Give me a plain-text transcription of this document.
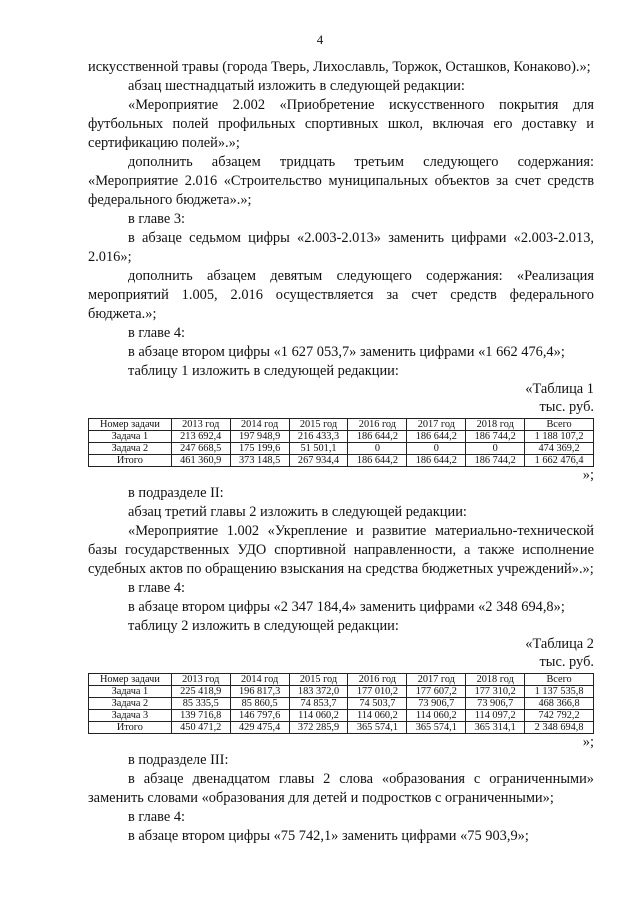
4

искусственной травы (города Тверь, Лихославль, Торжок, Осташков, Конаково).»;

абзац шестнадцатый изложить в следующей редакции:

«Мероприятие 2.002 «Приобретение искусственного покрытия для футбольных полей профильных спортивных школ, включая его доставку и сертификацию полей».»;

дополнить абзацем тридцать третьим следующего содержания: «Мероприятие 2.016 «Строительство муниципальных объектов за счет средств федерального бюджета».»;

в главе 3:

в абзаце седьмом цифры «2.003-2.013» заменить цифрами «2.003-2.013, 2.016»;

дополнить абзацем девятым следующего содержания: «Реализация мероприятий 1.005, 2.016 осуществляется за счет средств федерального бюджета.»;

в главе 4:

в абзаце втором цифры «1 627 053,7» заменить цифрами «1 662 476,4»;

таблицу 1 изложить в следующей редакции:

«Таблица 1

тыс. руб.

Номер задачи	2013 год	2014 год	2015 год	2016 год	2017 год	2018 год	Всего
Задача 1	213 692,4	197 948,9	216 433,3	186 644,2	186 644,2	186 744,2	1 188 107,2
Задача 2	247 668,5	175 199,6	51 501,1	0	0	0	474 369,2
Итого	461 360,9	373 148,5	267 934,4	186 644,2	186 644,2	186 744,2	1 662 476,4

»;

в подразделе II:

абзац третий главы 2 изложить в следующей редакции:

«Мероприятие 1.002 «Укрепление и развитие материально-технической базы государственных УДО спортивной направленности, а также исполнение судебных актов по обращению взыскания на средства бюджетных учреждений».»;

в главе 4:

в абзаце втором цифры «2 347 184,4» заменить цифрами «2 348 694,8»;

таблицу 2 изложить в следующей редакции:

«Таблица 2

тыс. руб.

Номер задачи	2013 год	2014 год	2015 год	2016 год	2017 год	2018 год	Всего
Задача 1	225 418,9	196 817,3	183 372,0	177 010,2	177 607,2	177 310,2	1 137 535,8
Задача 2	85 335,5	85 860,5	74 853,7	74 503,7	73 906,7	73 906,7	468 366,8
Задача 3	139 716,8	146 797,6	114 060,2	114 060,2	114 060,2	114 097,2	742 792,2
Итого	450 471,2	429 475,4	372 285,9	365 574,1	365 574,1	365 314,1	2 348 694,8

»;

в подразделе III:

в абзаце двенадцатом главы 2 слова «образования с ограниченными» заменить словами «образования для детей и подростков с ограниченными»;

в главе 4:

в абзаце втором цифры «75 742,1» заменить цифрами «75 903,9»;
